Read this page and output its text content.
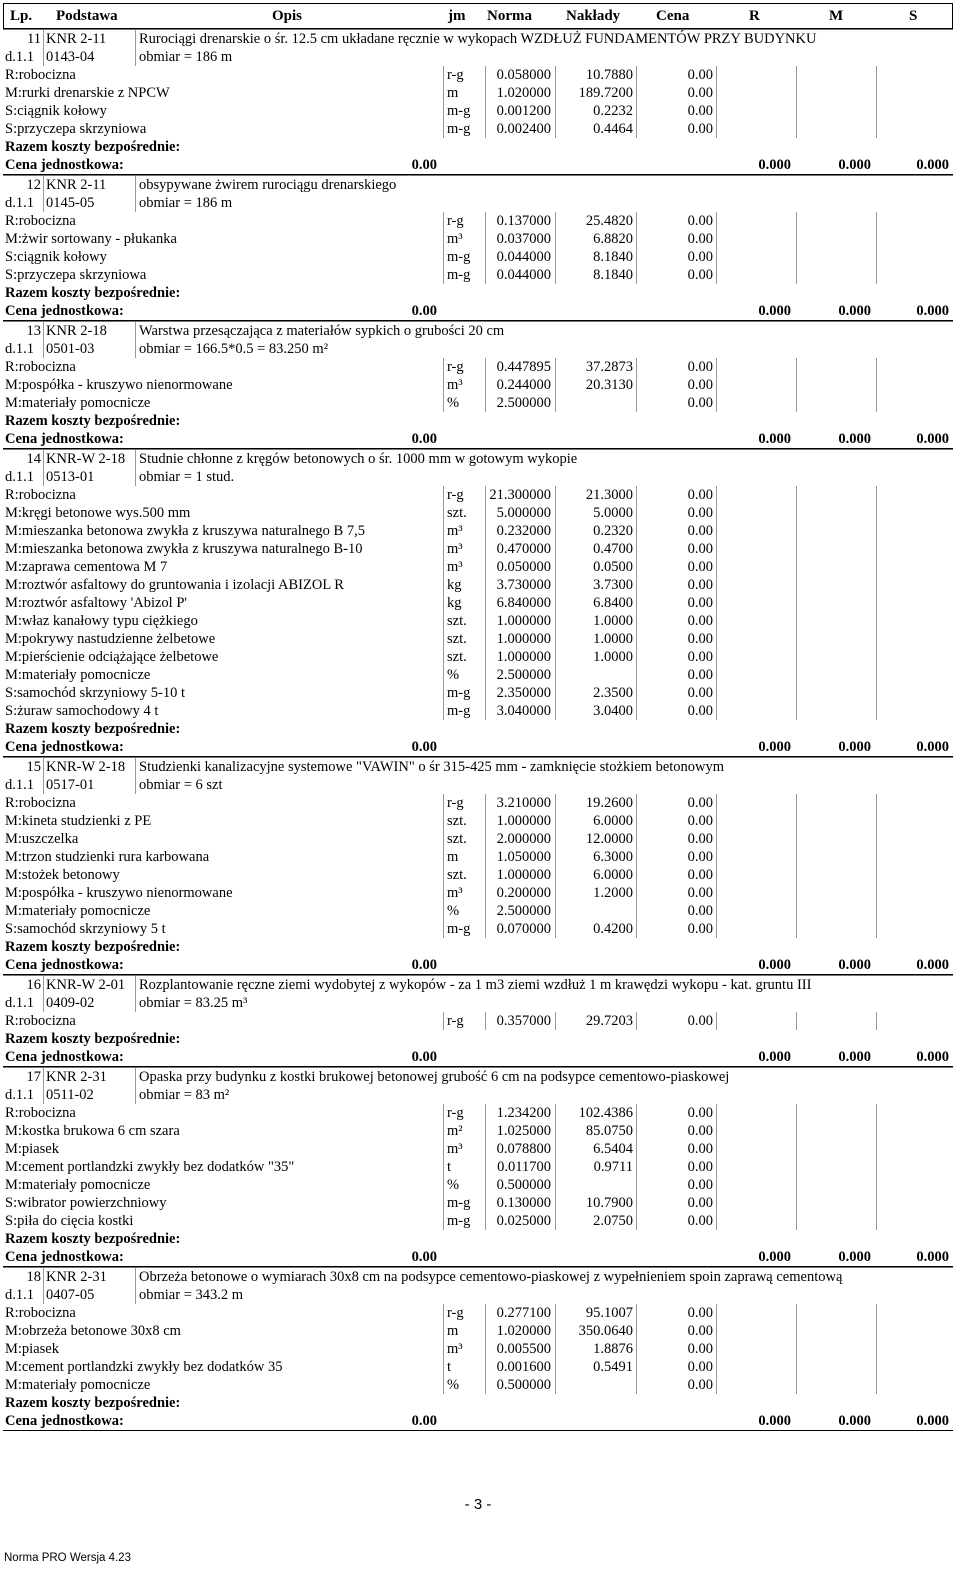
Lp. Podstawa	Opis	jm Norma Nakłady Cena	R	M	S
11 KNR 2-11 Rurociągi drenarskie o śr. 12.5 cm układane ręcznie w wykopach WZDŁUŻ FUNDAMENTÓW PRZY BUDYNKU
d.1.1 0143-04	obmiar = 186 m
R:robocizna	r-g 0.058000 10.7880	0.00
M:rurki drenarskie z NPCW	m	1.020000 189.7200	0.00
S:ciągnik kołowy	m-g 0.001200	0.2232	0.00
S:przyczepa skrzyniowa	m-g 0.002400	0.4464	0.00
Razem koszty bezpośrednie:
Cena jednostkowa:	0.00	0.000	0.000	0.000
12 KNR 2-11 obsypywane żwirem rurociągu drenarskiego
d.1.1 0145-05	obmiar = 186 m
R:robocizna	r-g 0.137000 25.4820	0.00
M:żwir sortowany - płukanka	m³ 0.037000	6.8820	0.00
S:ciągnik kołowy	m-g 0.044000	8.1840	0.00
S:przyczepa skrzyniowa	m-g 0.044000	8.1840	0.00
Razem koszty bezpośrednie:
Cena jednostkowa:	0.00	0.000	0.000	0.000
13 KNR 2-18 Warstwa przesączająca z materiałów sypkich o grubości 20 cm
d.1.1 0501-03	obmiar = 166.5*0.5 = 83.250 m²
R:robocizna	r-g 0.447895 37.2873	0.00
M:pospółka - kruszywo nienormowane	m³ 0.244000 20.3130	0.00
M:materiały pomocnicze	%	2.500000	0.00
Razem koszty bezpośrednie:
Cena jednostkowa:	0.00	0.000	0.000	0.000
14 KNR-W 2-18 Studnie chłonne z kręgów betonowych o śr. 1000 mm w gotowym wykopie
d.1.1 0513-01	obmiar = 1 stud.
R:robocizna	r-g 21.300000 21.3000	0.00
M:kręgi betonowe wys.500 mm	szt. 5.000000	5.0000	0.00
M:mieszanka betonowa zwykła z kruszywa naturalnego B 7,5	m³ 0.232000	0.2320	0.00
M:mieszanka betonowa zwykła z kruszywa naturalnego B-10	m³ 0.470000	0.4700	0.00
M:zaprawa cementowa M 7	m³ 0.050000	0.0500	0.00
M:roztwór asfaltowy do gruntowania i izolacji ABIZOL R	kg 3.730000	3.7300	0.00
M:roztwór asfaltowy 'Abizol P'	kg 6.840000	6.8400	0.00
M:właz kanałowy typu ciężkiego	szt. 1.000000	1.0000	0.00
M:pokrywy nastudzienne żelbetowe	szt. 1.000000	1.0000	0.00
M:pierścienie odciążające żelbetowe	szt. 1.000000	1.0000	0.00
M:materiały pomocnicze	%	2.500000	0.00
S:samochód skrzyniowy 5-10 t	m-g 2.350000	2.3500	0.00
S:żuraw samochodowy 4 t	m-g 3.040000	3.0400	0.00
Razem koszty bezpośrednie:
Cena jednostkowa:	0.00	0.000	0.000	0.000
15 KNR-W 2-18 Studzienki kanalizacyjne systemowe "VAWIN" o śr 315-425 mm - zamknięcie stożkiem betonowym
d.1.1 0517-01	obmiar = 6 szt
R:robocizna	r-g 3.210000 19.2600	0.00
M:kineta studzienki z PE	szt. 1.000000	6.0000	0.00
M:uszczelka	szt. 2.000000 12.0000	0.00
M:trzon studzienki rura karbowana	m	1.050000	6.3000	0.00
M:stożek betonowy	szt. 1.000000	6.0000	0.00
M:pospółka - kruszywo nienormowane	m³ 0.200000	1.2000	0.00
M:materiały pomocnicze	%	2.500000	0.00
S:samochód skrzyniowy 5 t	m-g 0.070000	0.4200	0.00
Razem koszty bezpośrednie:
Cena jednostkowa:	0.00	0.000	0.000	0.000
16 KNR-W 2-01 Rozplantowanie ręczne ziemi wydobytej z wykopów - za 1 m3 ziemi wzdłuż 1 m krawędzi wykopu - kat. gruntu III
d.1.1 0409-02	obmiar = 83.25 m³
R:robocizna	r-g 0.357000 29.7203	0.00
Razem koszty bezpośrednie:
Cena jednostkowa:	0.00	0.000	0.000	0.000
17 KNR 2-31 Opaska przy budynku z kostki brukowej betonowej grubość 6 cm na podsypce cementowo-piaskowej
d.1.1 0511-02	obmiar = 83 m²
R:robocizna	r-g 1.234200 102.4386	0.00
M:kostka brukowa 6 cm szara	m² 1.025000 85.0750	0.00
M:piasek	m³ 0.078800	6.5404	0.00
M:cement portlandzki zwykły bez dodatków "35"	t	0.011700	0.9711	0.00
M:materiały pomocnicze	%	0.500000	0.00
S:wibrator powierzchniowy	m-g 0.130000 10.7900	0.00
S:piła do cięcia kostki	m-g 0.025000	2.0750	0.00
Razem koszty bezpośrednie:
Cena jednostkowa:	0.00	0.000	0.000	0.000
18 KNR 2-31 Obrzeża betonowe o wymiarach 30x8 cm na podsypce cementowo-piaskowej z wypełnieniem spoin zaprawą cementową
d.1.1 0407-05	obmiar = 343.2 m
R:robocizna	r-g 0.277100 95.1007	0.00
M:obrzeża betonowe 30x8 cm	m	1.020000 350.0640	0.00
M:piasek	m³ 0.005500	1.8876	0.00
M:cement portlandzki zwykły bez dodatków 35	t	0.001600	0.5491	0.00
M:materiały pomocnicze	%	0.500000	0.00
Razem koszty bezpośrednie:
Cena jednostkowa:	0.00	0.000	0.000	0.000
- 3 -
Norma PRO Wersja 4.23
